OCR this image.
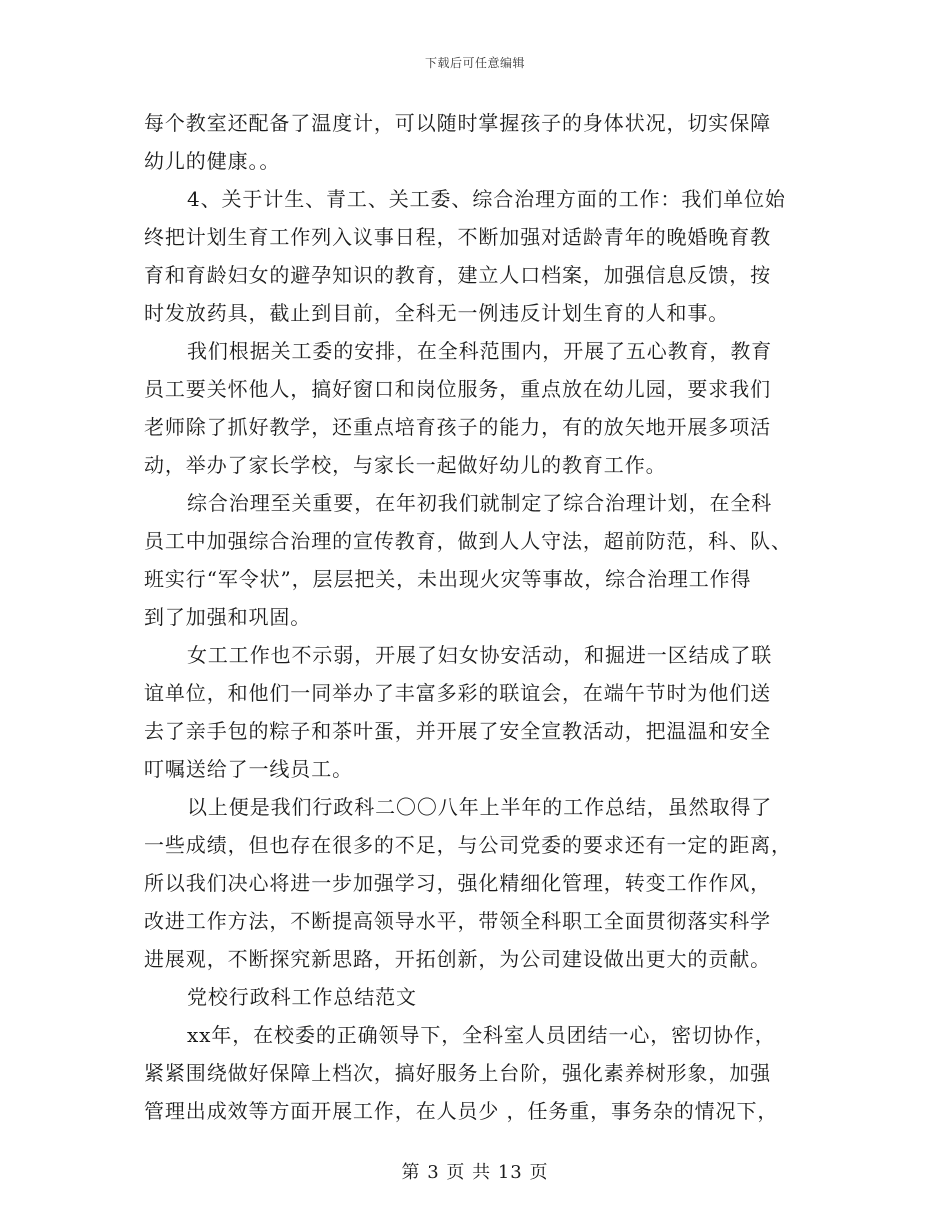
下载后可任意编辑
每个教室还配备了温度计，可以随时掌握孩子的身体状况，切实保障
幼儿的健康。。
4、关于计生、青工、关工委、综合治理方面的工作：我们单位始
终把计划生育工作列入议事日程，不断加强对适龄青年的晚婚晚育教
育和育龄妇女的避孕知识的教育，建立人口档案，加强信息反馈，按
时发放药具，截止到目前，全科无一例违反计划生育的人和事。
我们根据关工委的安排，在全科范围内，开展了五心教育，教育
员工要关怀他人，搞好窗口和岗位服务，重点放在幼儿园，要求我们
老师除了抓好教学，还重点培育孩子的能力，有的放矢地开展多项活
动，举办了家长学校，与家长一起做好幼儿的教育工作。
综合治理至关重要，在年初我们就制定了综合治理计划，在全科
员工中加强综合治理的宣传教育，做到人人守法，超前防范，科、队、
班实行“军令状”，层层把关，未出现火灾等事故，综合治理工作得
到了加强和巩固。
女工工作也不示弱，开展了妇女协安活动，和掘进一区结成了联
谊单位，和他们一同举办了丰富多彩的联谊会，在端午节时为他们送
去了亲手包的粽子和茶叶蛋，并开展了安全宣教活动，把温温和安全
叮嘱送给了一线员工。
以上便是我们行政科二〇〇八年上半年的工作总结，虽然取得了
一些成绩，但也存在很多的不足，与公司党委的要求还有一定的距离，
所以我们决心将进一步加强学习，强化精细化管理，转变工作作风，
改进工作方法，不断提高领导水平，带领全科职工全面贯彻落实科学
进展观，不断探究新思路，开拓创新，为公司建设做出更大的贡献。
党校行政科工作总结范文
xx年，在校委的正确领导下，全科室人员团结一心，密切协作，
紧紧围绕做好保障上档次，搞好服务上台阶，强化素养树形象，加强
管理出成效等方面开展工作，在人员少 ，任务重，事务杂的情况下，
第 3 页 共 13 页
